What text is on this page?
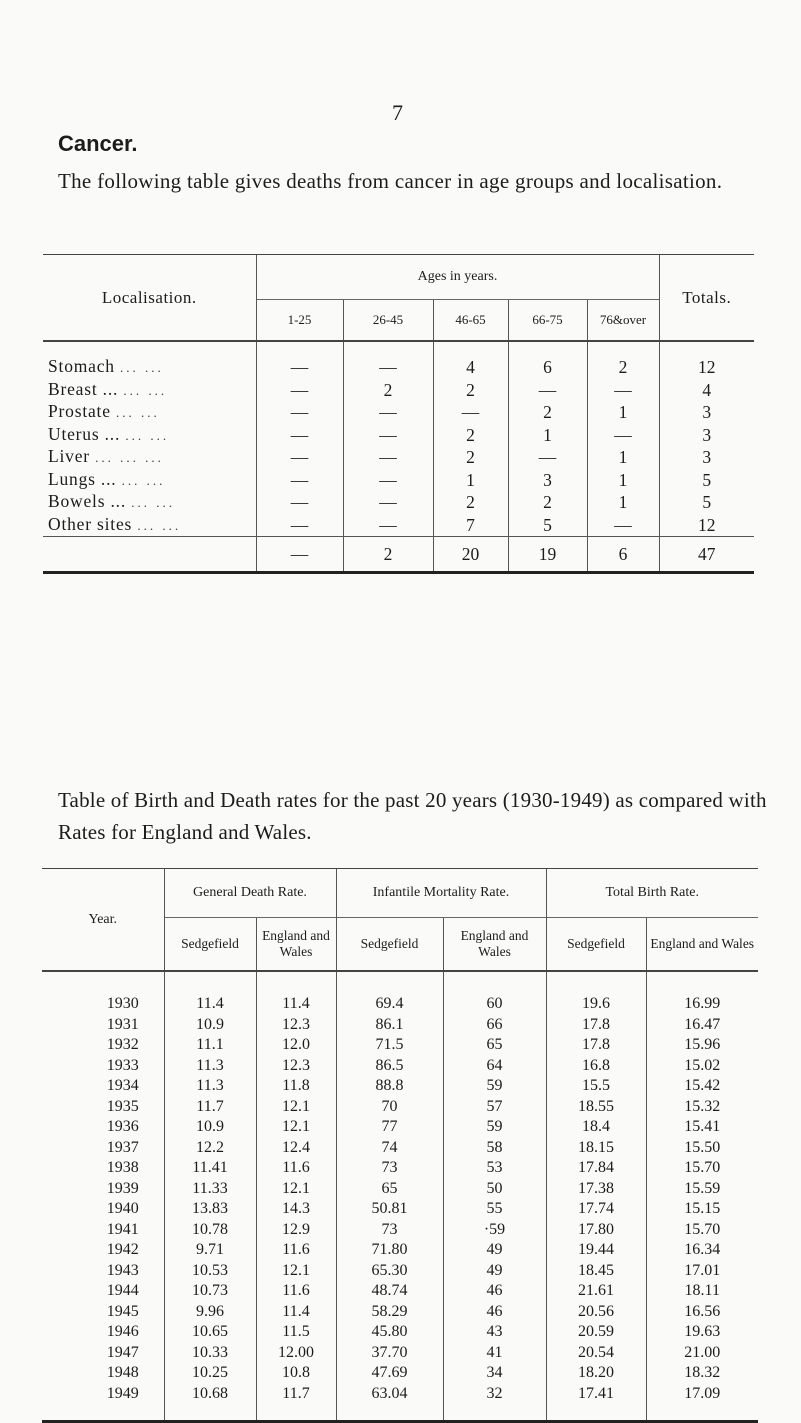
7
Cancer.
The following table gives deaths from cancer in age groups and localisation.
Localisation.	Ages in years.					Totals.
	1-25	26-45	46-65	66-75	76&over	

Stomach ... ...	—	—	4	6	2	12
Breast ... ... ...	—	2	2	—	—	4
Prostate ... ...	—	—	—	2	1	3
Uterus ... ... ...	—	—	2	1	—	3
Liver ... ... ...	—	—	2	—	1	3
Lungs ... ... ...	—	—	1	3	1	5
Bowels ... ... ...	—	—	2	2	1	5
Other sites ... ...	—	—	7	5	—	12
	—	2	20	19	6	47
Table of Birth and Death rates for the past 20 years (1930-1949) as compared with Rates for England and Wales.
Year.	General Death Rate.		Infantile Mortality Rate.		Total Birth Rate.	
	Sedgefield	England and Wales	Sedgefield	England and Wales	Sedgefield	England and Wales

1930	11.4	11.4	69.4	60	19.6	16.99
1931	10.9	12.3	86.1	66	17.8	16.47
1932	11.1	12.0	71.5	65	17.8	15.96
1933	11.3	12.3	86.5	64	16.8	15.02
1934	11.3	11.8	88.8	59	15.5	15.42
1935	11.7	12.1	70	57	18.55	15.32
1936	10.9	12.1	77	59	18.4	15.41
1937	12.2	12.4	74	58	18.15	15.50
1938	11.41	11.6	73	53	17.84	15.70
1939	11.33	12.1	65	50	17.38	15.59
1940	13.83	14.3	50.81	55	17.74	15.15
1941	10.78	12.9	73	·59	17.80	15.70
1942	9.71	11.6	71.80	49	19.44	16.34
1943	10.53	12.1	65.30	49	18.45	17.01
1944	10.73	11.6	48.74	46	21.61	18.11
1945	9.96	11.4	58.29	46	20.56	16.56
1946	10.65	11.5	45.80	43	20.59	19.63
1947	10.33	12.00	37.70	41	20.54	21.00
1948	10.25	10.8	47.69	34	18.20	18.32
1949	10.68	11.7	63.04	32	17.41	17.09
